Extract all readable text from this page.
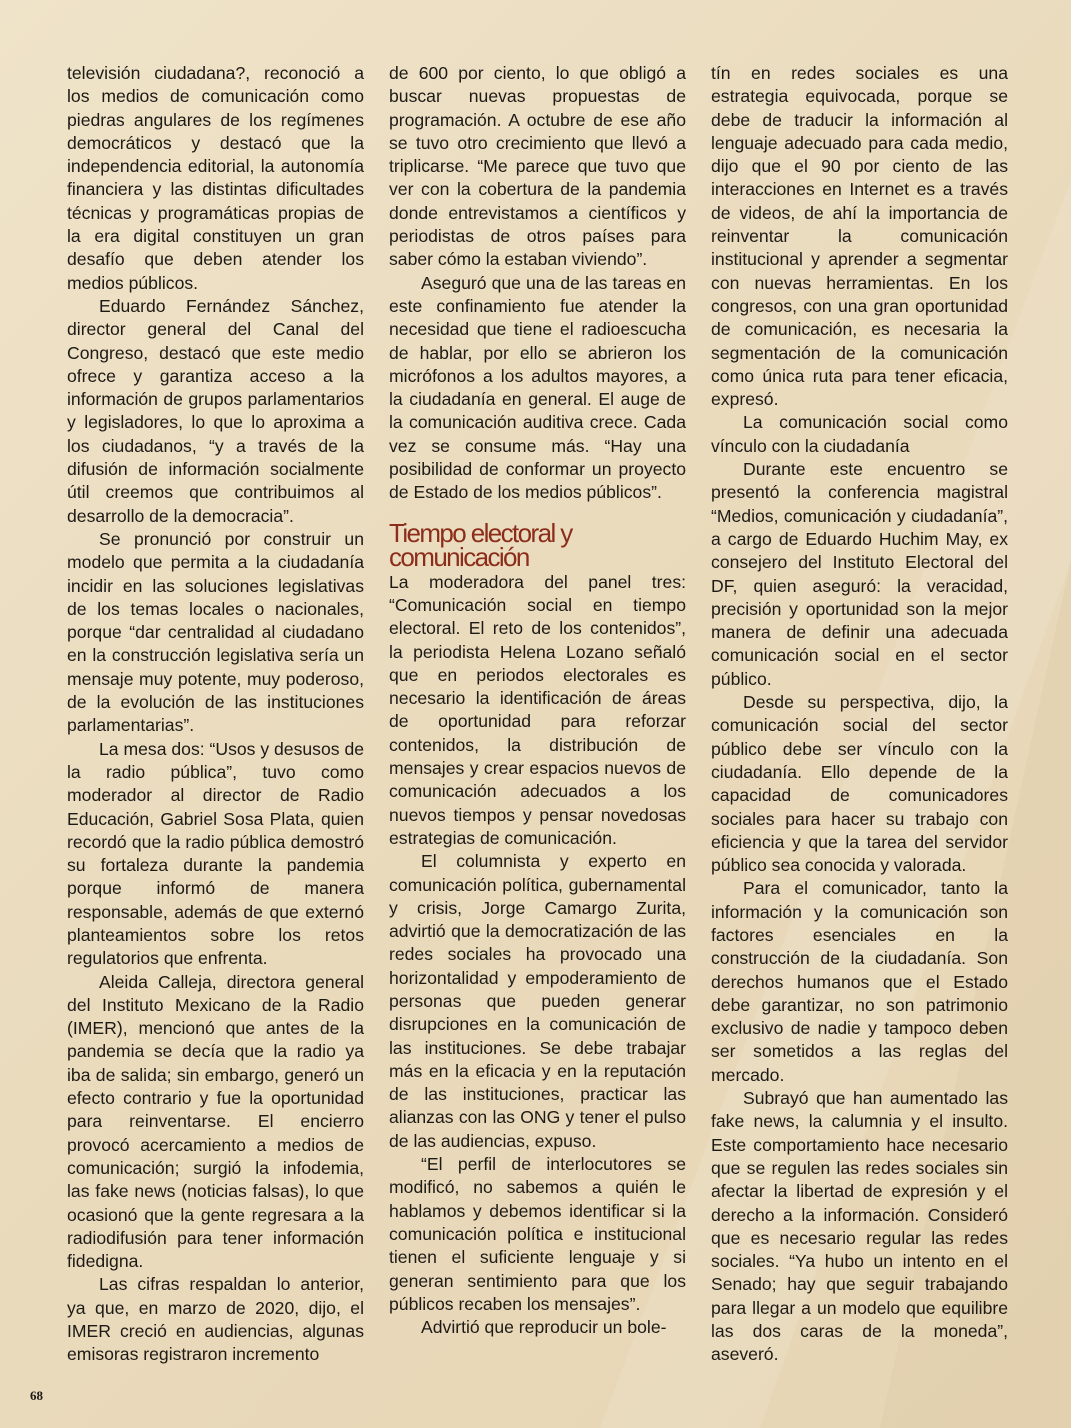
televisión ciudadana?, reconoció a los medios de comunicación como piedras angulares de los regímenes democráticos y destacó que la independencia editorial, la autonomía financiera y las distintas dificultades técnicas y programáticas propias de la era digital constituyen un gran desafío que deben atender los medios públicos.

Eduardo Fernández Sánchez, director general del Canal del Congreso, destacó que este medio ofrece y garantiza acceso a la información de grupos parlamentarios y legisladores, lo que lo aproxima a los ciudadanos, “y a través de la difusión de información socialmente útil creemos que contribuimos al desarrollo de la democracia”.

Se pronunció por construir un modelo que permita a la ciudadanía incidir en las soluciones legislativas de los temas locales o nacionales, porque “dar centralidad al ciudadano en la construcción legislativa sería un mensaje muy potente, muy poderoso, de la evolución de las instituciones parlamentarias”.

La mesa dos: “Usos y desusos de la radio pública”, tuvo como moderador al director de Radio Educación, Gabriel Sosa Plata, quien recordó que la radio pública demostró su fortaleza durante la pandemia porque informó de manera responsable, además de que externó planteamientos sobre los retos regulatorios que enfrenta.

Aleida Calleja, directora general del Instituto Mexicano de la Radio (IMER), mencionó que antes de la pandemia se decía que la radio ya iba de salida; sin embargo, generó un efecto contrario y fue la oportunidad para reinventarse. El encierro provocó acercamiento a medios de comunicación; surgió la infodemia, las fake news (noticias falsas), lo que ocasionó que la gente regresara a la radiodifusión para tener información fidedigna.

Las cifras respaldan lo anterior, ya que, en marzo de 2020, dijo, el IMER creció en audiencias, algunas emisoras registraron incremento

de 600 por ciento, lo que obligó a buscar nuevas propuestas de programación. A octubre de ese año se tuvo otro crecimiento que llevó a triplicarse. “Me parece que tuvo que ver con la cobertura de la pandemia donde entrevistamos a científicos y periodistas de otros países para saber cómo la estaban viviendo”.

Aseguró que una de las tareas en este confinamiento fue atender la necesidad que tiene el radioescucha de hablar, por ello se abrieron los micrófonos a los adultos mayores, a la ciudadanía en general. El auge de la comunicación auditiva crece. Cada vez se consume más. “Hay una posibilidad de conformar un proyecto de Estado de los medios públicos”.

Tiempo electoral y comunicación

La moderadora del panel tres: “Comunicación social en tiempo electoral. El reto de los contenidos”, la periodista Helena Lozano señaló que en periodos electorales es necesario la identificación de áreas de oportunidad para reforzar contenidos, la distribución de mensajes y crear espacios nuevos de comunicación adecuados a los nuevos tiempos y pensar novedosas estrategias de comunicación.

El columnista y experto en comunicación política, gubernamental y crisis, Jorge Camargo Zurita, advirtió que la democratización de las redes sociales ha provocado una horizontalidad y empoderamiento de personas que pueden generar disrupciones en la comunicación de las instituciones. Se debe trabajar más en la eficacia y en la reputación de las instituciones, practicar las alianzas con las ONG y tener el pulso de las audiencias, expuso.

“El perfil de interlocutores se modificó, no sabemos a quién le hablamos y debemos identificar si la comunicación política e institucional tienen el suficiente lenguaje y si generan sentimiento para que los públicos recaben los mensajes”.

Advirtió que reproducir un bole-

tín en redes sociales es una estrategia equivocada, porque se debe de traducir la información al lenguaje adecuado para cada medio, dijo que el 90 por ciento de las interacciones en Internet es a través de videos, de ahí la importancia de reinventar la comunicación institucional y aprender a segmentar con nuevas herramientas. En los congresos, con una gran oportunidad de comunicación, es necesaria la segmentación de la comunicación como única ruta para tener eficacia, expresó.

La comunicación social como vínculo con la ciudadanía

Durante este encuentro se presentó la conferencia magistral “Medios, comunicación y ciudadanía”, a cargo de Eduardo Huchim May, ex consejero del Instituto Electoral del DF, quien aseguró: la veracidad, precisión y oportunidad son la mejor manera de definir una adecuada comunicación social en el sector público.

Desde su perspectiva, dijo, la comunicación social del sector público debe ser vínculo con la ciudadanía. Ello depende de la capacidad de comunicadores sociales para hacer su trabajo con eficiencia y que la tarea del servidor público sea conocida y valorada.

Para el comunicador, tanto la información y la comunicación son factores esenciales en la construcción de la ciudadanía. Son derechos humanos que el Estado debe garantizar, no son patrimonio exclusivo de nadie y tampoco deben ser sometidos a las reglas del mercado.

Subrayó que han aumentado las fake news, la calumnia y el insulto. Este comportamiento hace necesario que se regulen las redes sociales sin afectar la libertad de expresión y el derecho a la información. Consideró que es necesario regular las redes sociales. “Ya hubo un intento en el Senado; hay que seguir trabajando para llegar a un modelo que equilibre las dos caras de la moneda”, aseveró.

68
